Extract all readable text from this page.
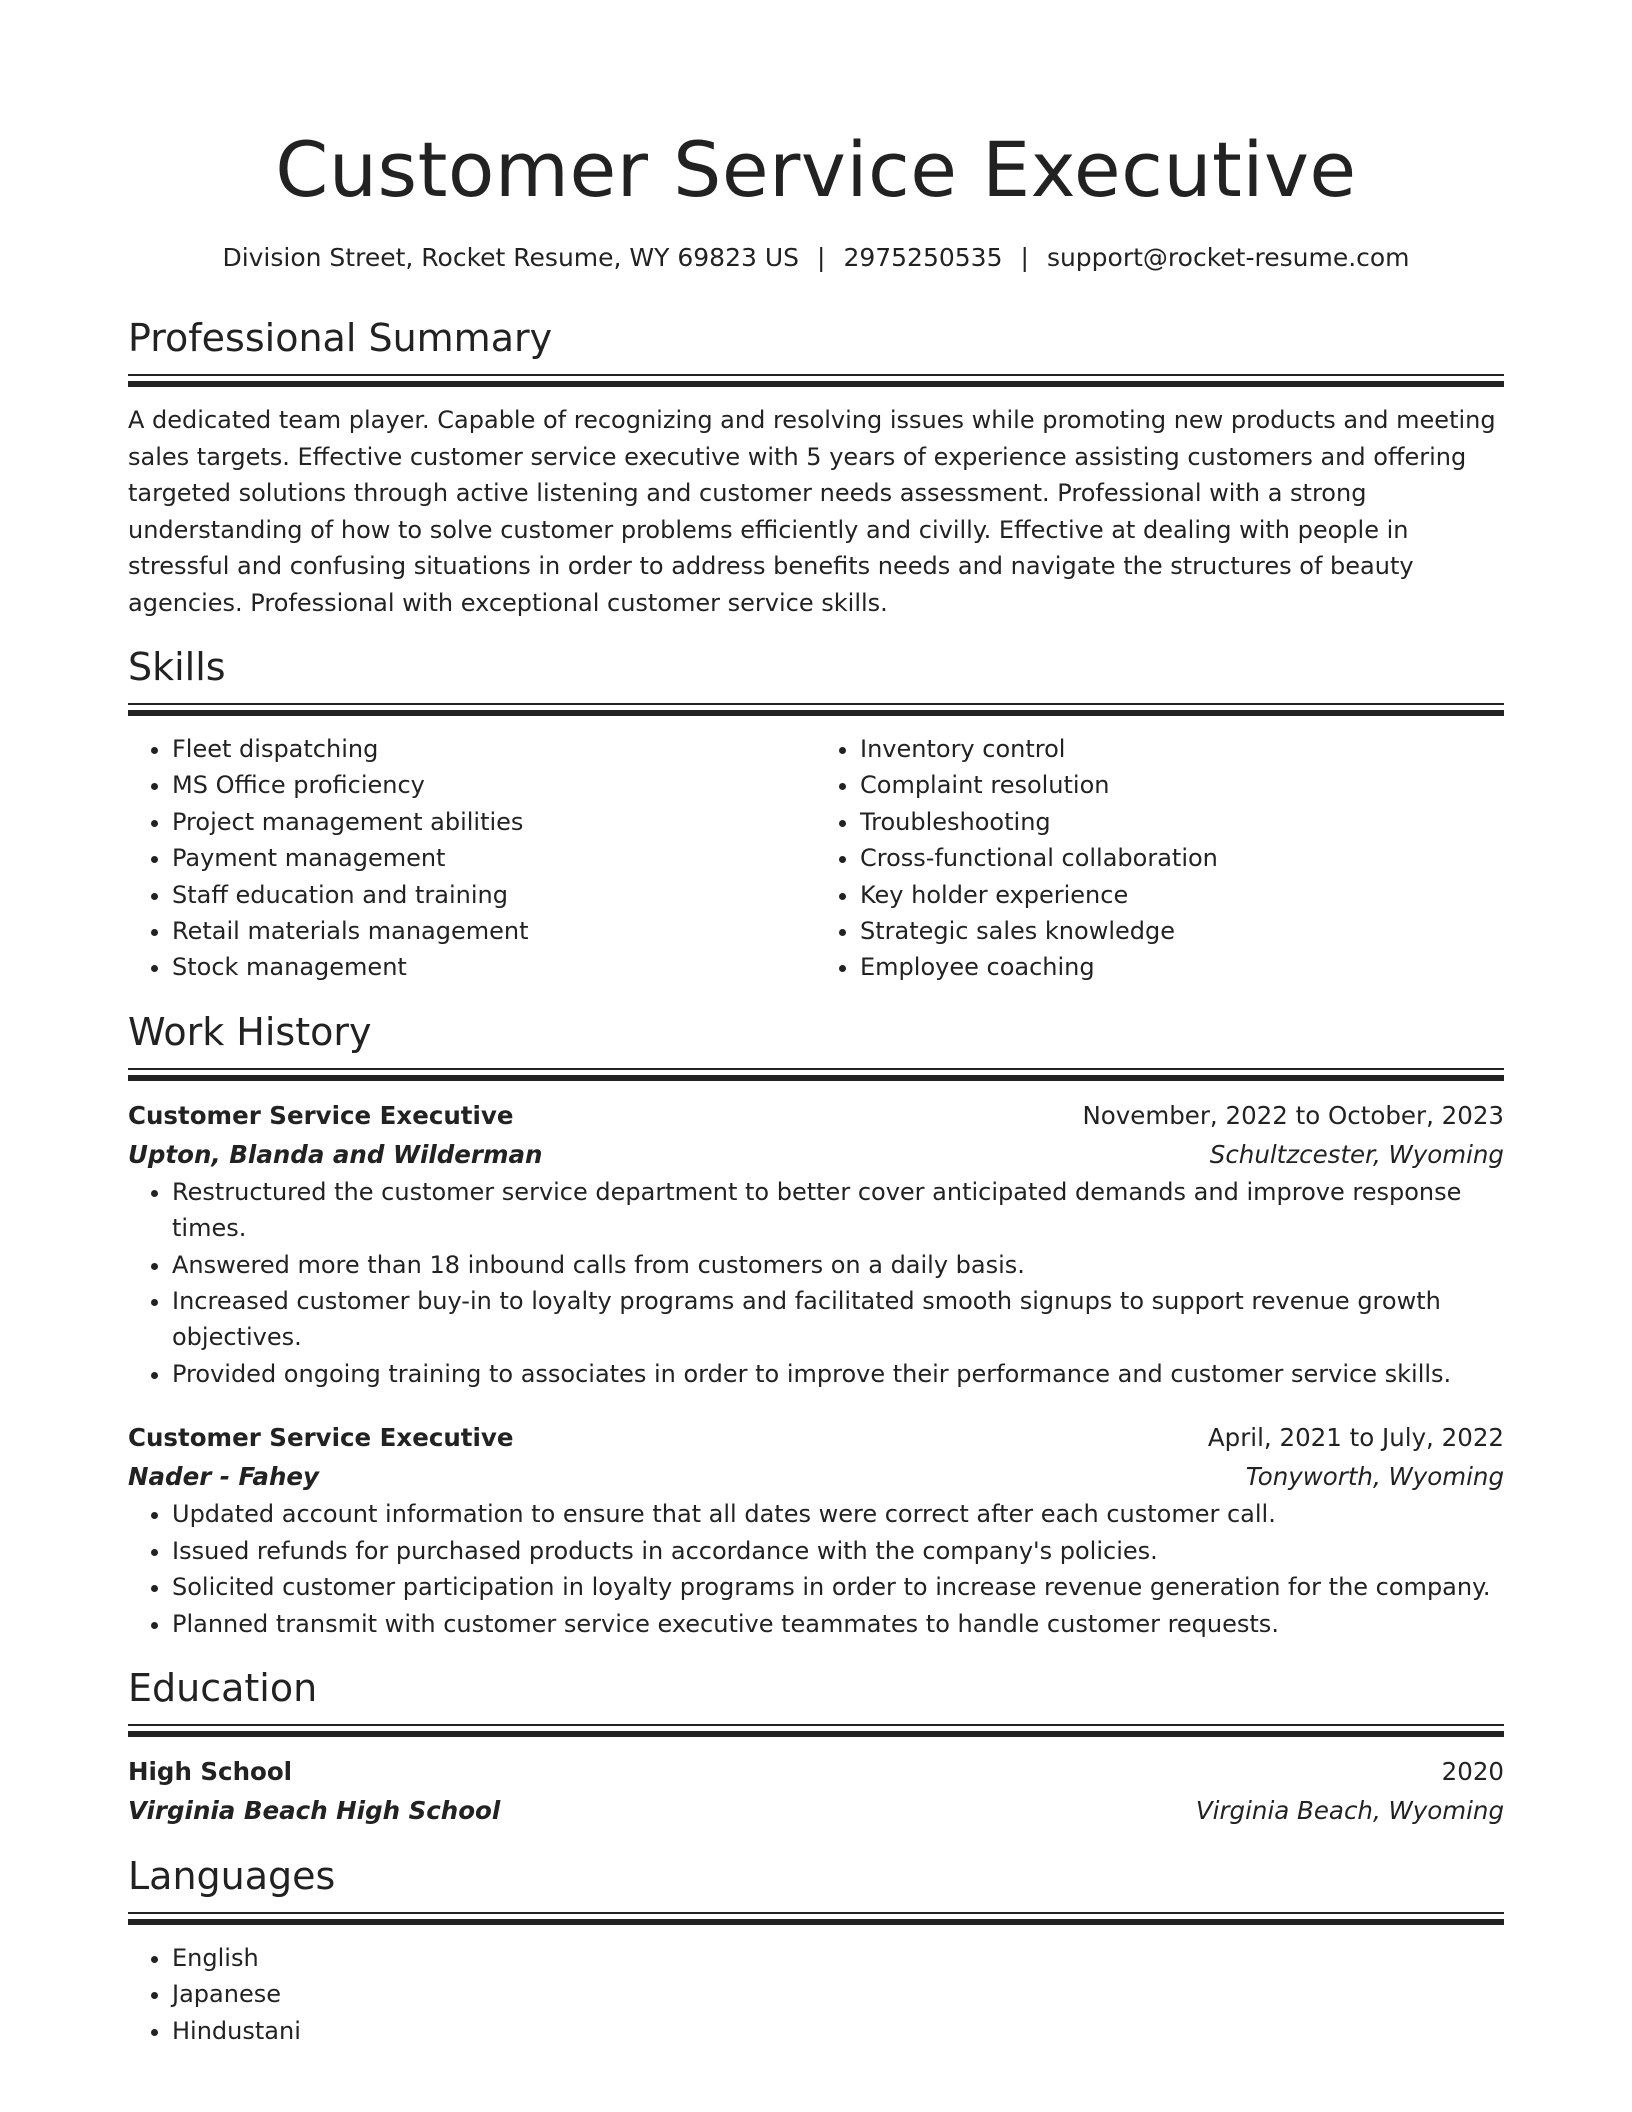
Customer Service Executive
Division Street, Rocket Resume, WY 69823 US | 2975250535 | support@rocket-resume.com
Professional Summary
A dedicated team player. Capable of recognizing and resolving issues while promoting new products and meeting sales targets. Effective customer service executive with 5 years of experience assisting customers and offering targeted solutions through active listening and customer needs assessment. Professional with a strong understanding of how to solve customer problems efficiently and civilly. Effective at dealing with people in stressful and confusing situations in order to address benefits needs and navigate the structures of beauty agencies. Professional with exceptional customer service skills.
Skills
• Fleet dispatching
• MS Office proficiency
• Project management abilities
• Payment management
• Staff education and training
• Retail materials management
• Stock management
• Inventory control
• Complaint resolution
• Troubleshooting
• Cross-functional collaboration
• Key holder experience
• Strategic sales knowledge
• Employee coaching
Work History
Customer Service Executive	November, 2022 to October, 2023
Upton, Blanda and Wilderman	Schultzcester, Wyoming
• Restructured the customer service department to better cover anticipated demands and improve response times.
• Answered more than 18 inbound calls from customers on a daily basis.
• Increased customer buy-in to loyalty programs and facilitated smooth signups to support revenue growth objectives.
• Provided ongoing training to associates in order to improve their performance and customer service skills.
Customer Service Executive	April, 2021 to July, 2022
Nader - Fahey	Tonyworth, Wyoming
• Updated account information to ensure that all dates were correct after each customer call.
• Issued refunds for purchased products in accordance with the company's policies.
• Solicited customer participation in loyalty programs in order to increase revenue generation for the company.
• Planned transmit with customer service executive teammates to handle customer requests.
Education
High School	2020
Virginia Beach High School	Virginia Beach, Wyoming
Languages
• English
• Japanese
• Hindustani
